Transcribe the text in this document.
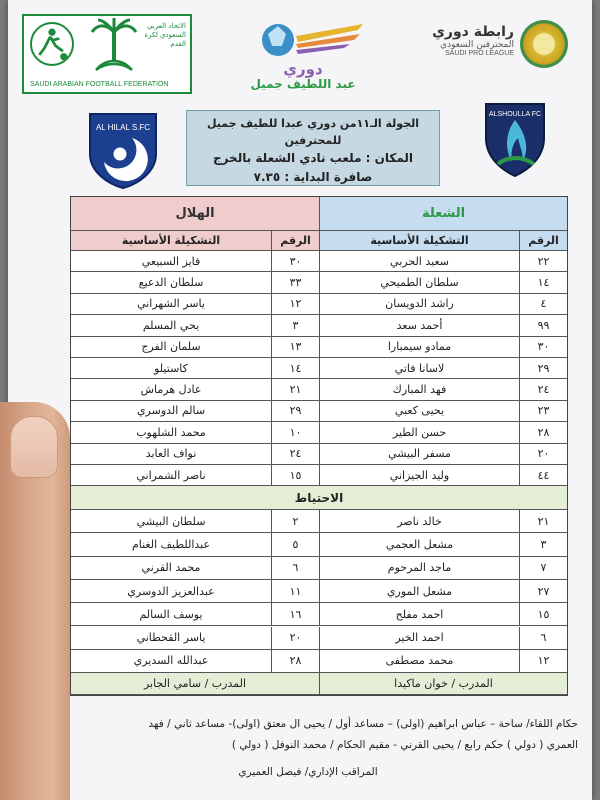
الاتحاد العربي السعودي لكرة القدم
SAUDI ARABIAN FOOTBALL FEDERATION
دوري
عبد اللطيف جميل
رابطة دوري
المحترفين السعودي
SAUDI PRO LEAGUE
AL HILAL S.FC
ALSHOULLA FC
الجولة الـ١١من دوري عبدا للطيف جميل للمحترفين
المكان : ملعب نادي الشعلة بالخرج
صافرة البداية : ٧.٣٥
الشعلة
الهلال
الرقم
التشكيلة الأساسية
الرقم
التشكيلة الأساسية
٢٢
سعيد الحربي
٣٠
فايز السبيعي
١٤
سلطان الطميحي
٣٣
سلطان الدعيع
٤
راشد الدويسان
١٢
ياسر الشهراني
٩٩
أحمد سعد
٣
يحي المسلم
٣٠
ممادو سيمبارا
١٣
سلمان الفرج
٢٩
لاسانا فاتي
١٤
كاستيلو
٢٤
فهد المبارك
٢١
عادل هرماش
٢٣
يحيى كعبي
٢٩
سالم الدوسري
٢٨
حسن الطير
١٠
محمد الشلهوب
٢٠
مسفر البيشي
٢٤
نواف العابد
٤٤
وليد الجيزاني
١٥
ناصر الشمراني
الاحتياط
٢١
خالد ناصر
٢
سلطان البيشي
٣
مشعل العجمي
٥
عبداللطيف الغنام
٧
ماجد المرحوم
٦
محمد القرني
٢٧
مشعل الموري
١١
عبدالعزيز الدوسري
١٥
احمد مفلح
١٦
يوسف السالم
٦
احمد الخير
٢٠
ياسر القحطاني
١٢
محمد مصطفى
٢٨
عبدالله السديري
المدرب / خوان ماكيدا
المدرب / سامي الجابر
حكام اللقاء/ ساحة – عباس ابراهيم (اولى) – مساعد أول / يحيى ال معتق (اولى)- مساعد ثاني / فهد
العمري ( دولي ) حكم رابع / يحيى القرني - مقيم الحكام / محمد النوفل ( دولي )
المراقب الإداري/ فيصل العميري
